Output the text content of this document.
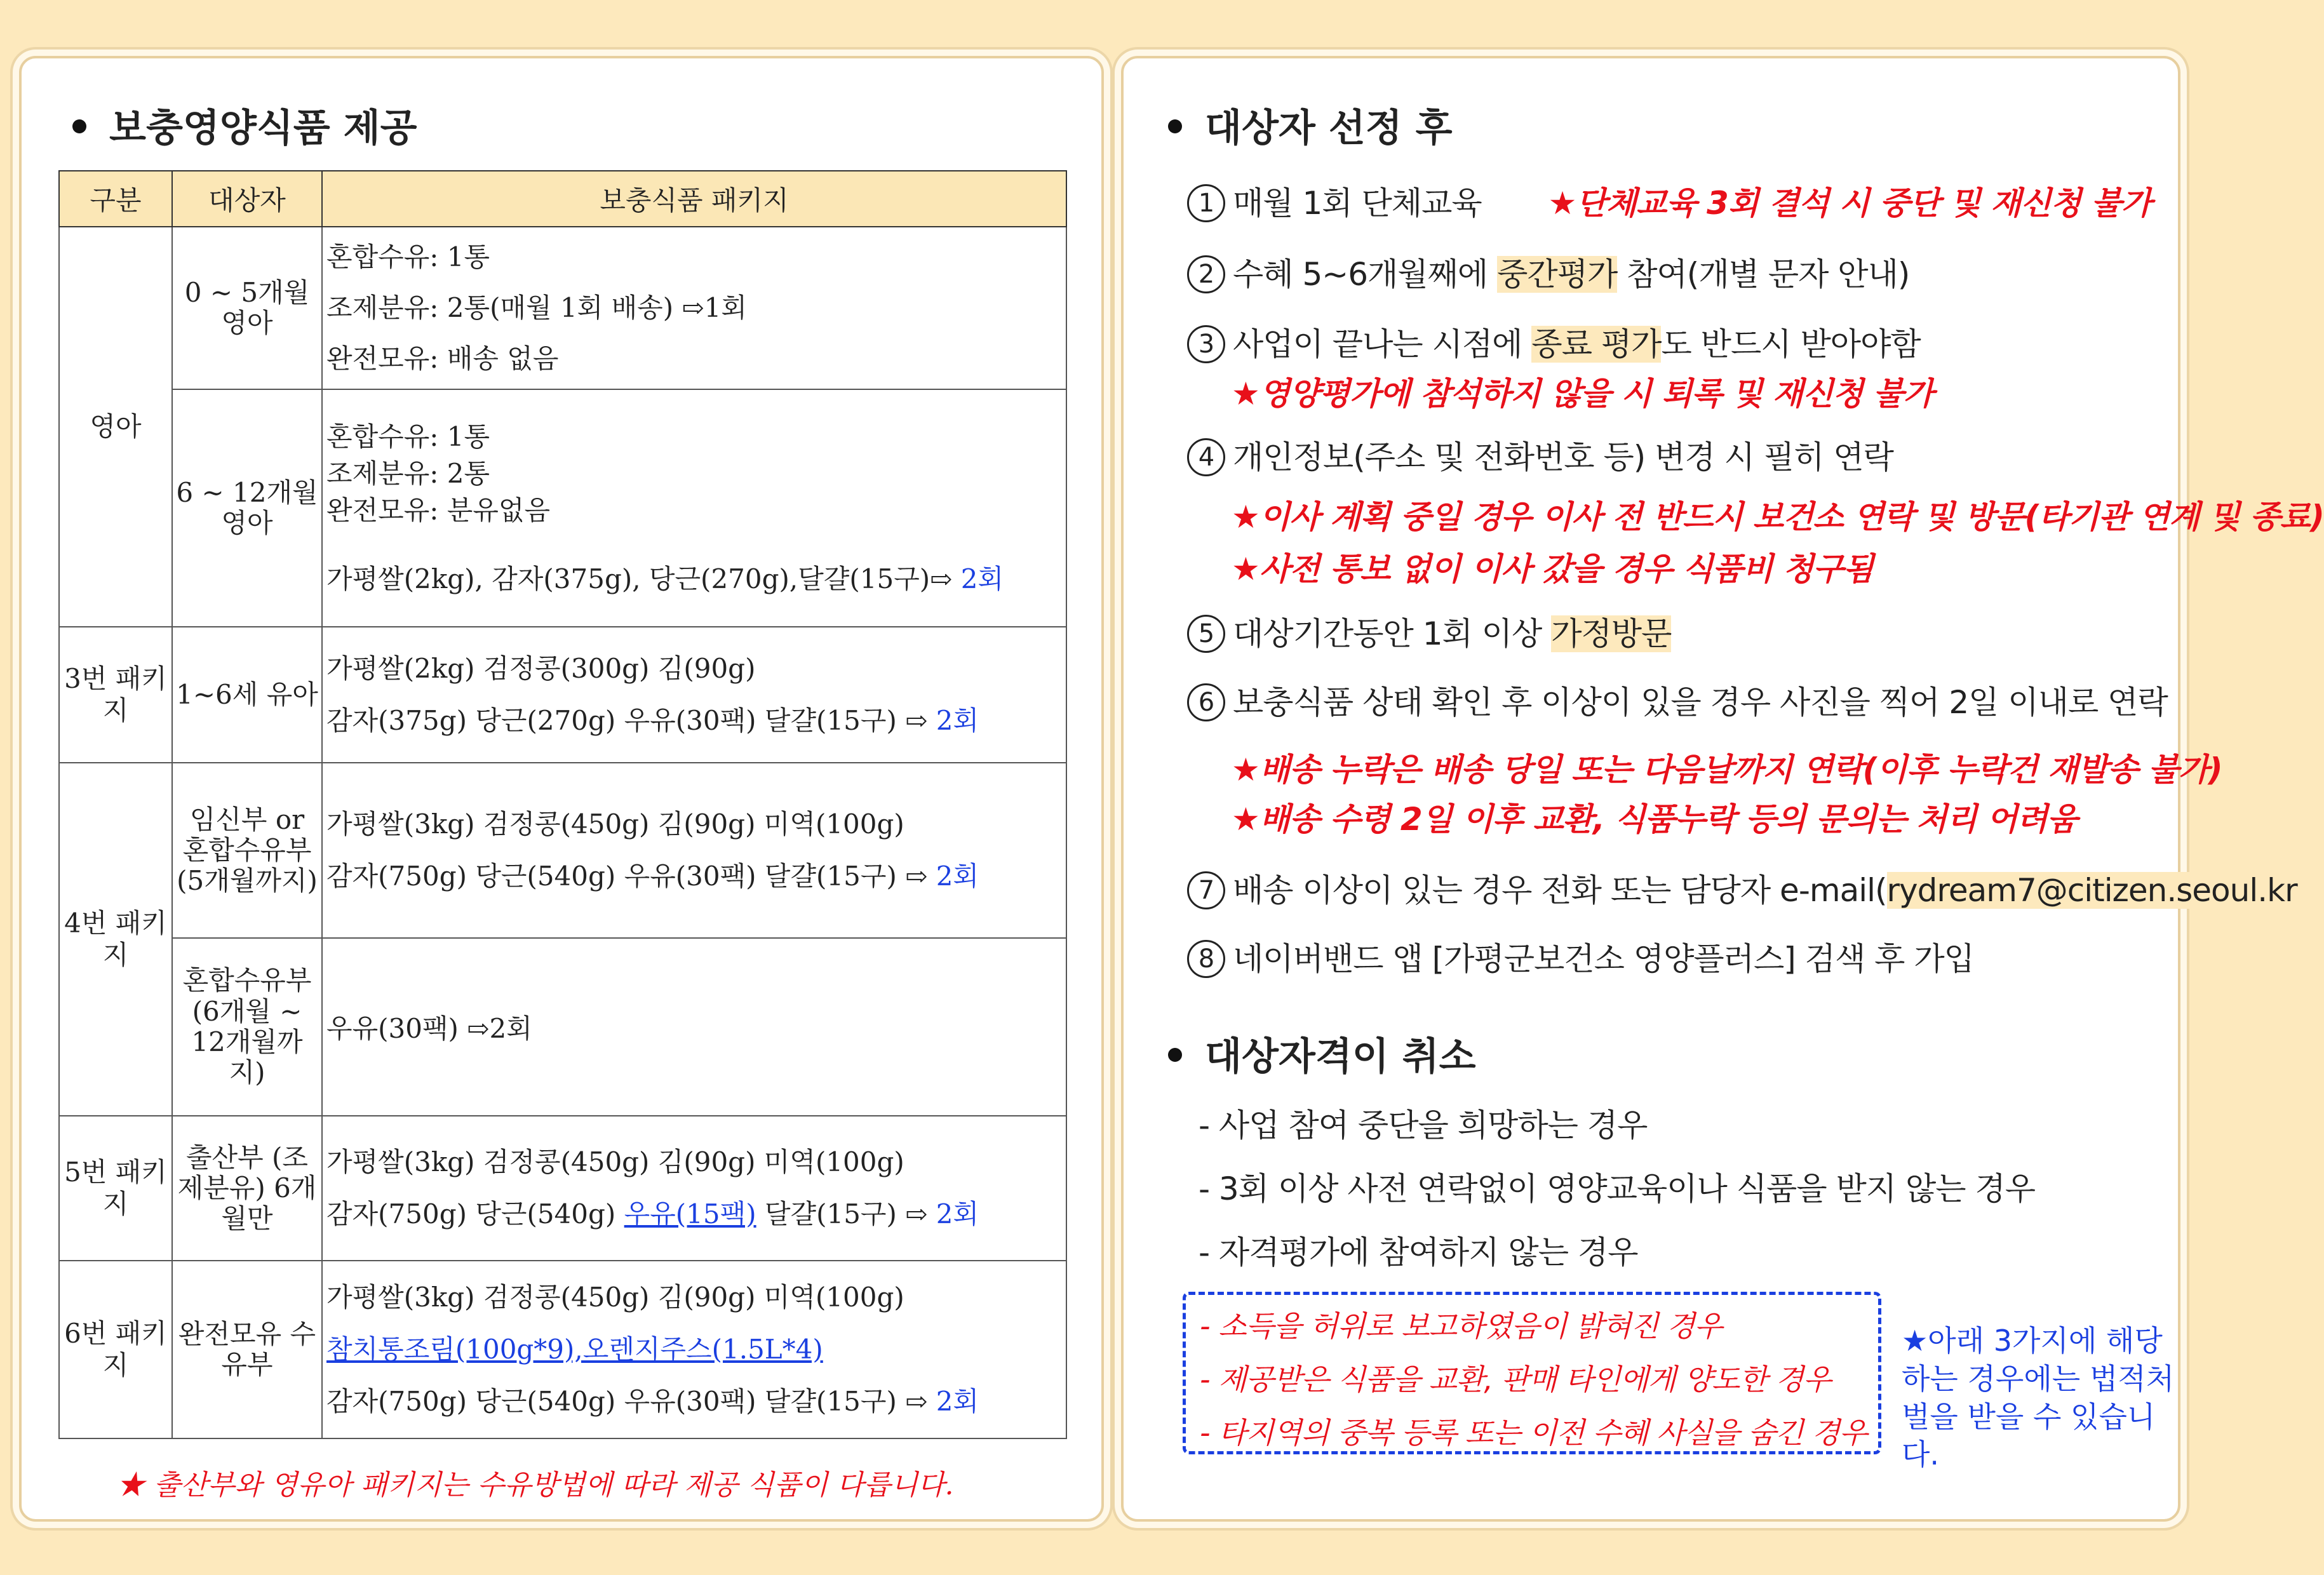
보충영양식품 제공
구분	대상자	보충식품 패키지
영아	0 ~ 5개월 영아	혼합수유: 1통
조제분유: 2통(매월 1회 배송) ⇨1회
완전모유: 배송 없음

	6 ~ 12개월 영아	혼합수유: 1통
조제분유: 2통
완전모유: 분유없음
가평쌀(2kg), 감자(375g), 당근(270g),달걀(15구)⇨ 2회

3번 패키지	1~6세 유아	가평쌀(2kg) 검정콩(300g) 김(90g)
감자(375g) 당근(270g) 우유(30팩) 달걀(15구) ⇨ 2회

4번 패키지	임신부 or 혼합수유부 (5개월까지)	가평쌀(3kg) 검정콩(450g) 김(90g) 미역(100g)
감자(750g) 당근(540g) 우유(30팩) 달걀(15구) ⇨ 2회

	혼합수유부 (6개월 ~ 12개월까 지)	우유(30팩) ⇨2회

5번 패키지	출산부 (조제분유) 6개월만	가평쌀(3kg) 검정콩(450g) 김(90g) 미역(100g)
감자(750g) 당근(540g) 우유(15팩) 달걀(15구) ⇨ 2회

6번 패키지	완전모유 수유부	가평쌀(3kg) 검정콩(450g) 김(90g) 미역(100g)
참치통조림(100g*9),오렌지주스(1.5L*4)
감자(750g) 당근(540g) 우유(30팩) 달걀(15구) ⇨ 2회
★ 출산부와 영유아 패키지는 수유방법에 따라 제공 식품이 다릅니다.
대상자 선정 후
1 매월 1회 단체교육 ★단체교육 3회 결석 시 중단 및 재신청 불가
2 수혜 5~6개월째에 중간평가 참여(개별 문자 안내)
3 사업이 끝나는 시점에 종료 평가도 반드시 받아야함
★영양평가에 참석하지 않을 시 퇴록 및 재신청 불가
4 개인정보(주소 및 전화번호 등) 변경 시 필히 연락
★이사 계획 중일 경우 이사 전 반드시 보건소 연락 및 방문(타기관 연계 및 종료)
★사전 통보 없이 이사 갔을 경우 식품비 청구됨
5 대상기간동안 1회 이상 가정방문
6 보충식품 상태 확인 후 이상이 있을 경우 사진을 찍어 2일 이내로 연락
★배송 누락은 배송 당일 또는 다음날까지 연락(이후 누락건 재발송 불가)
★배송 수령 2일 이후 교환, 식품누락 등의 문의는 처리 어려움
7 배송 이상이 있는 경우 전화 또는 담당자 e-mail(rydream7@citizen.seoul.kr
8 네이버밴드 앱 [가평군보건소 영양플러스] 검색 후 가입
대상자격이 취소
- 사업 참여 중단을 희망하는 경우
- 3회 이상 사전 연락없이 영양교육이나 식품을 받지 않는 경우
- 자격평가에 참여하지 않는 경우
- 소득을 허위로 보고하였음이 밝혀진 경우
- 제공받은 식품을 교환, 판매 타인에게 양도한 경우
- 타지역의 중복 등록 또는 이전 수혜 사실을 숨긴 경우
★아래 3가지에 해당하는 경우에는 법적처벌을 받을 수 있습니다.
